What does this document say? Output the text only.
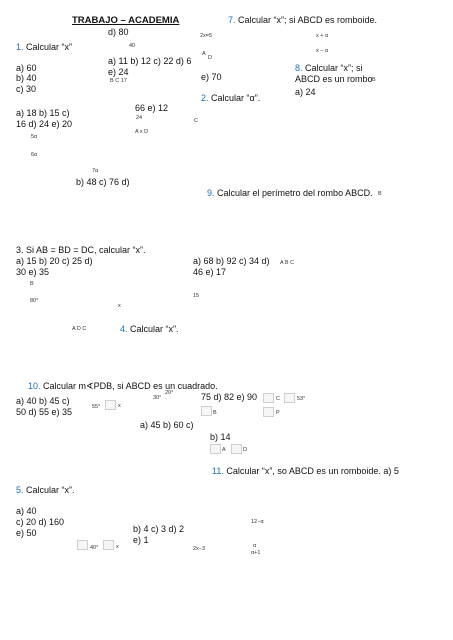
TRABAJO – ACADEMIA
d) 80
1. Calcular “x”
a) 60
b) 40
c) 30
40
a) 11 b) 12 c) 22 d) 6
e) 24
B C 17
a) 18 b) 15 c)
16 d) 24 e) 20
66 e) 12
24
A x D
5α
6α
7α
b) 48 c) 76 d)
2x=5
A
D
e) 70
2. Calcular “α”.
C
7. Calcular “x”; si ABCD es romboide.
x + α
x − α
8. Calcular “x”; si
ABCD es un rombo B
a) 24
9. Calcular el perímetro del rombo ABCD. B
3. Si AB = BD = DC, calcular “x”.
a) 15 b) 20 c) 25 d)
30 e) 35
B
80°
x
A D C	4. Calcular “x”.
a) 68 b) 92 c) 34 d)
46 e) 17
A B C
15
10. Calcular m∢PDB, si ABCD es un cuadrado.
a) 40 b) 45 c)
50 d) 55 e) 35	55°	x
30°
20°	75 d) 82 e) 90	C	53°
B	P
a) 45 b) 60 c)
b) 14
A	D
11. Calcular “x”, so ABCD es un romboide. a) 5
5. Calcular “x”.
a) 40
c) 20 d) 160
e) 50	b) 4 c) 3 d) 2
e) 1
12−α
40°	x	2x−3	α
α+1
